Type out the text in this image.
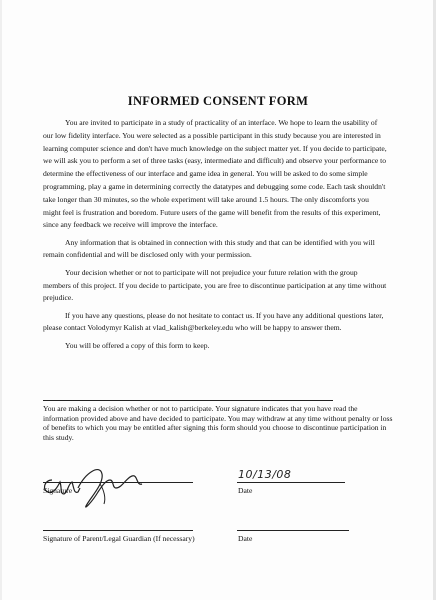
INFORMED CONSENT FORM

You are invited to participate in a study of practicality of an interface. We hope to learn the usability of our low fidelity interface. You were selected as a possible participant in this study because you are interested in learning computer science and don't have much knowledge on the subject matter yet. If you decide to participate, we will ask you to perform a set of three tasks (easy, intermediate and difficult) and observe your performance to determine the effectiveness of our interface and game idea in general. You will be asked to do some simple programming, play a game in determining correctly the datatypes and debugging some code. Each task shouldn't take longer than 30 minutes, so the whole experiment will take around 1.5 hours. The only discomforts you might feel is frustration and boredom. Future users of the game will benefit from the results of this experiment, since any feedback we receive will improve the interface.

Any information that is obtained in connection with this study and that can be identified with you will remain confidential and will be disclosed only with your permission.

Your decision whether or not to participate will not prejudice your future relation with the group members of this project. If you decide to participate, you are free to discontinue participation at any time without prejudice.

If you have any questions, please do not hesitate to contact us. If you have any additional questions later, please contact Volodymyr Kalish at vlad_kalish@berkeley.edu who will be happy to answer them.

You will be offered a copy of this form to keep.

You are making a decision whether or not to participate. Your signature indicates that you have read the information provided above and have decided to participate. You may withdraw at any time without penalty or loss of benefits to which you may be entitled after signing this form should you choose to discontinue participation in this study.

Signature
10/13/08
Date
Signature of Parent/Legal Guardian (If necessary)	Date
